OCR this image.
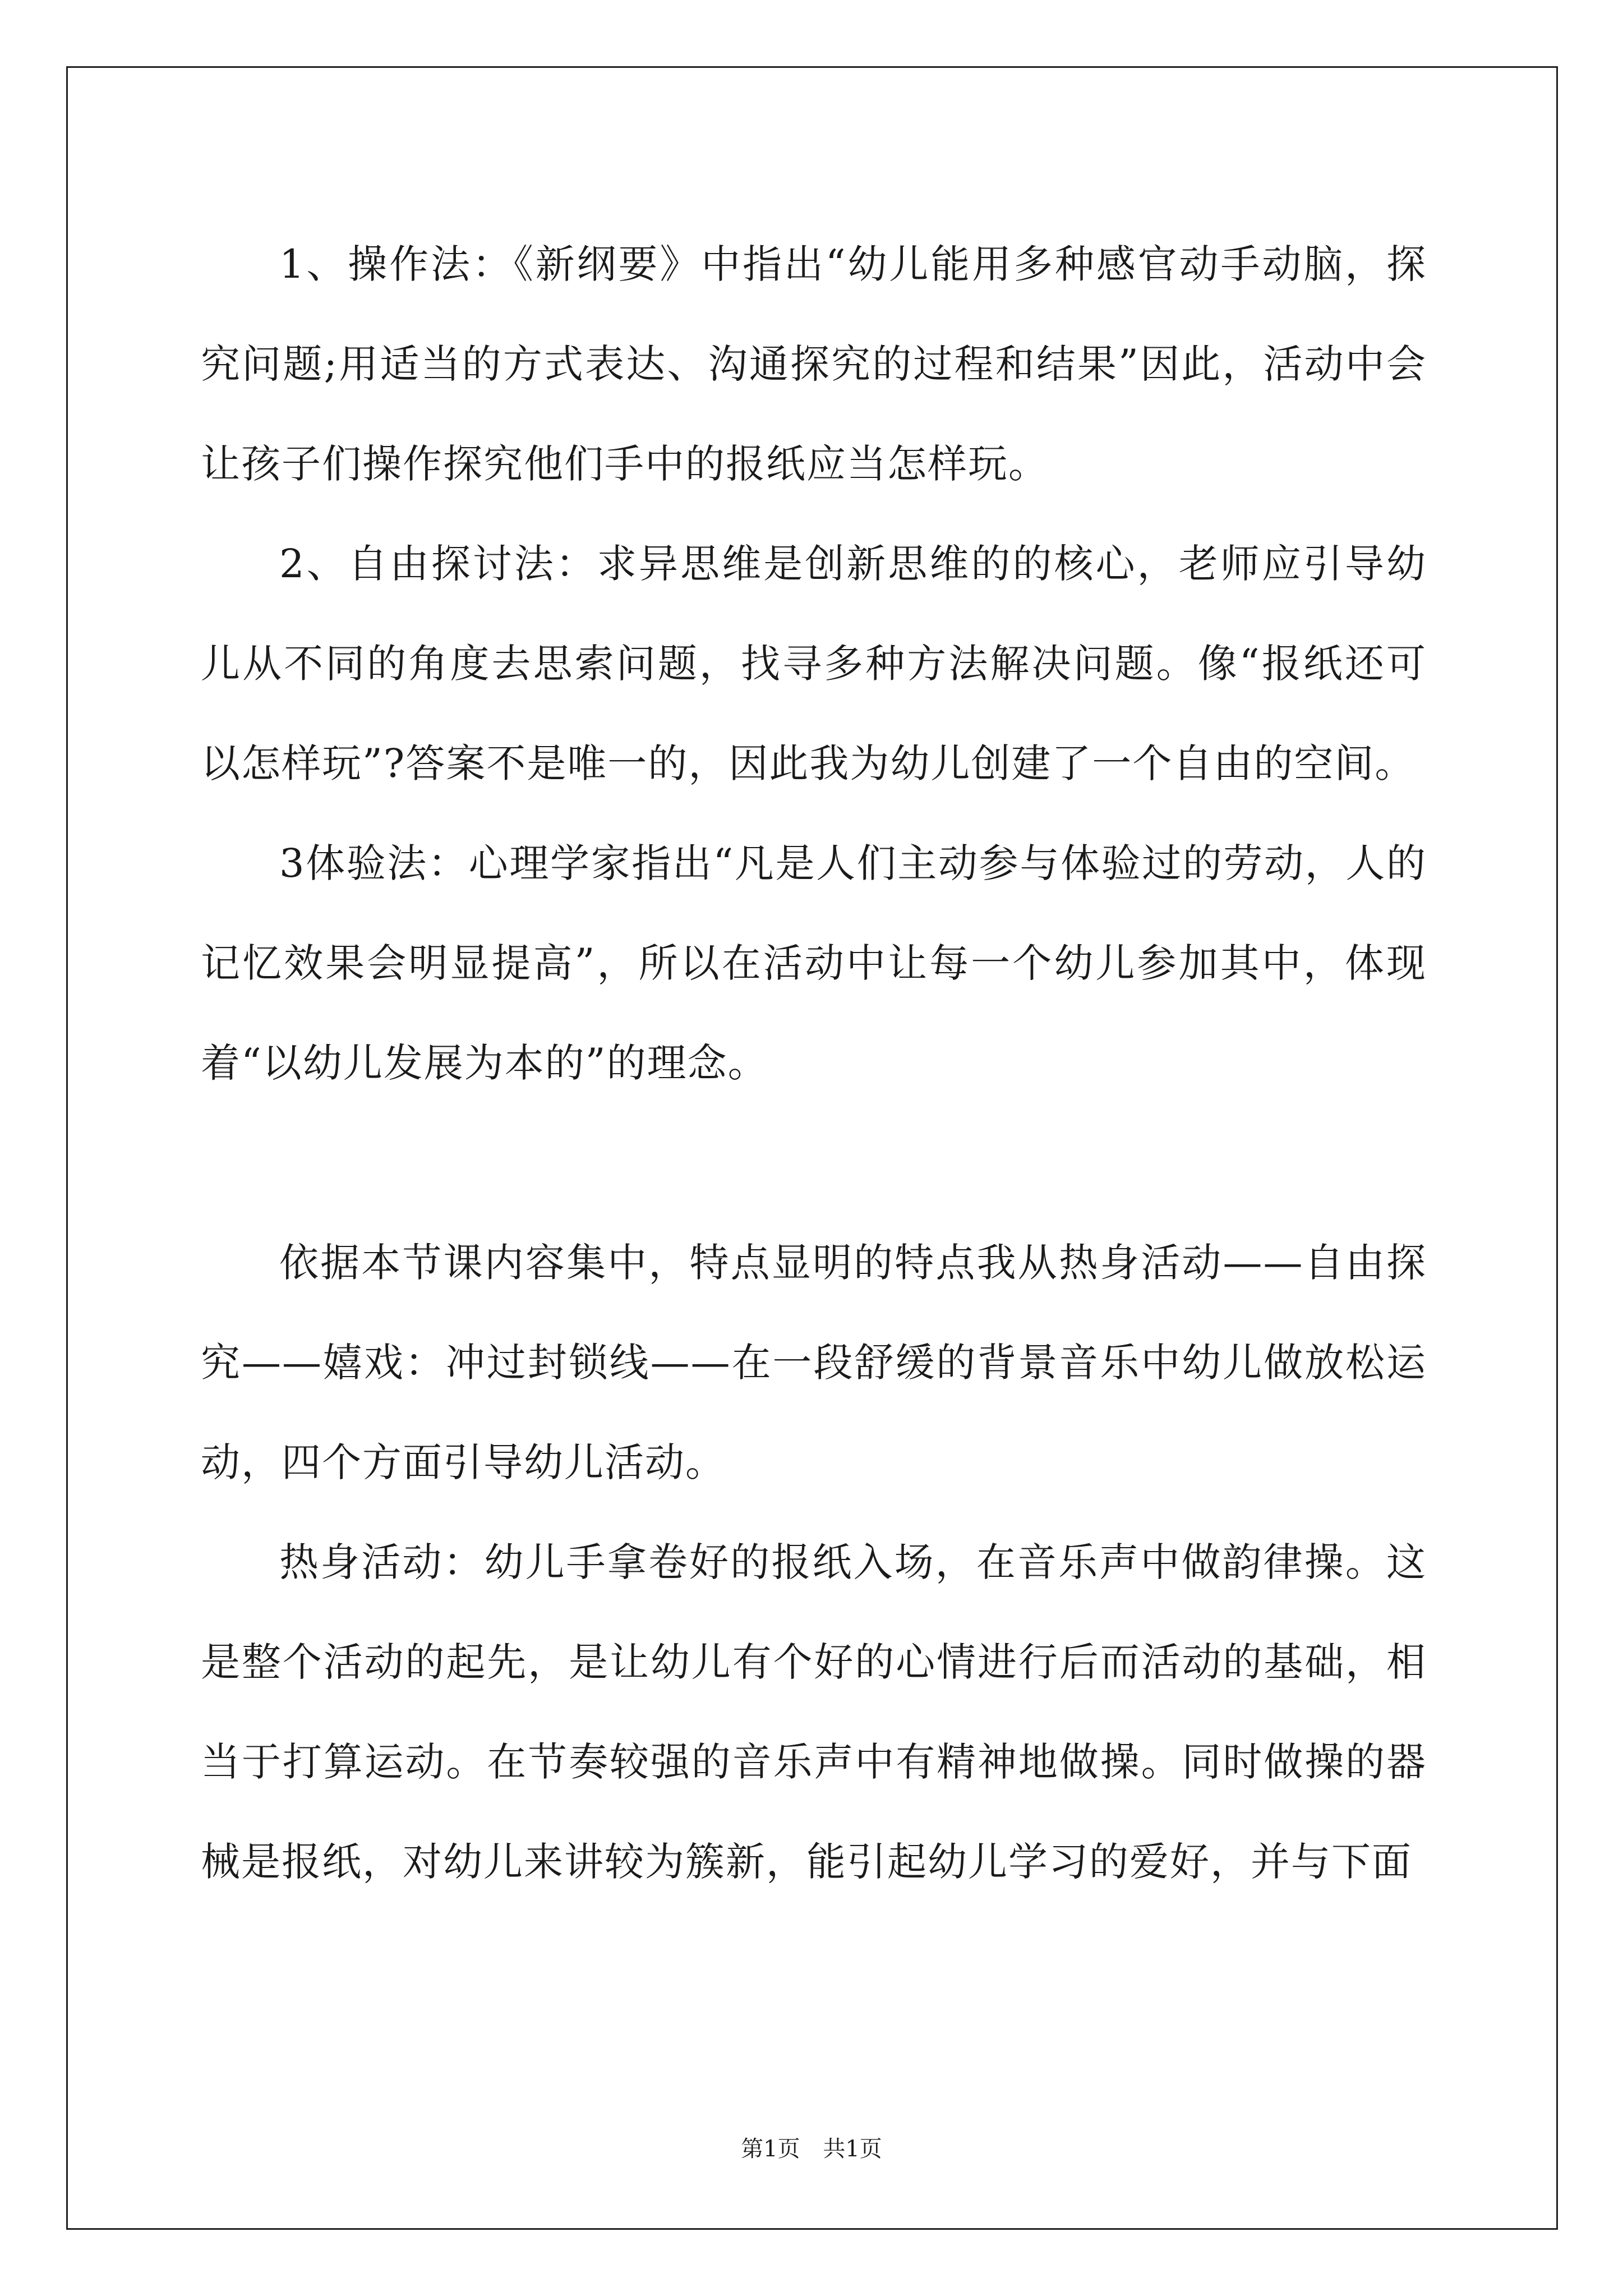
1、操作法：《新纲要》中指出“幼儿能用多种感官动手动脑，探究问题;用适当的方式表达、沟通探究的过程和结果”因此，活动中会让孩子们操作探究他们手中的报纸应当怎样玩。

2、自由探讨法：求异思维是创新思维的的核心，老师应引导幼儿从不同的角度去思索问题，找寻多种方法解决问题。像“报纸还可以怎样玩”?答案不是唯一的，因此我为幼儿创建了一个自由的空间。

3体验法：心理学家指出“凡是人们主动参与体验过的劳动，人的记忆效果会明显提高”，所以在活动中让每一个幼儿参加其中，体现着“以幼儿发展为本的”的理念。

依据本节课内容集中，特点显明的特点我从热身活动——自由探究——嬉戏：冲过封锁线——在一段舒缓的背景音乐中幼儿做放松运动，四个方面引导幼儿活动。

热身活动：幼儿手拿卷好的报纸入场，在音乐声中做韵律操。这是整个活动的起先，是让幼儿有个好的心情进行后而活动的基础，相当于打算运动。在节奏较强的音乐声中有精神地做操。同时做操的器械是报纸，对幼儿来讲较为簇新，能引起幼儿学习的爱好，并与下面

第1页 共1页
